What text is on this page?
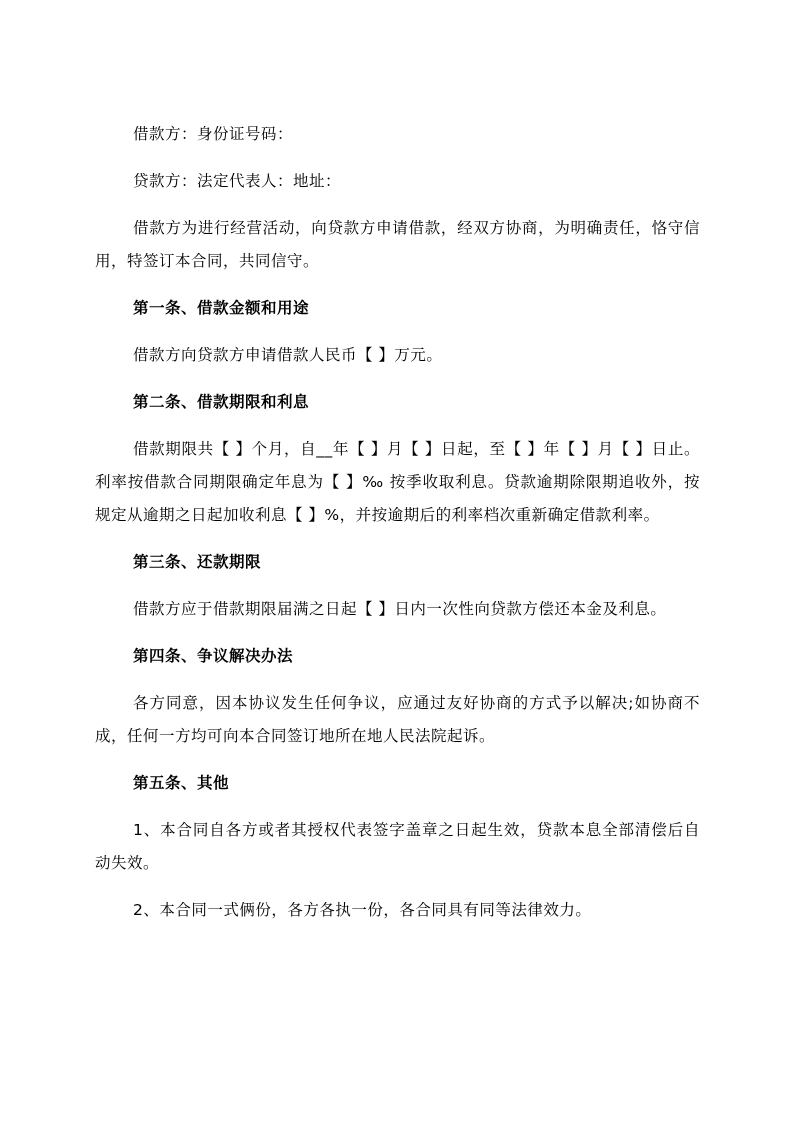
借款方：身份证号码：

贷款方：法定代表人：地址：

借款方为进行经营活动，向贷款方申请借款，经双方协商，为明确责任，恪守信用，特签订本合同，共同信守。

第一条、借款金额和用途

借款方向贷款方申请借款人民币【 】万元。

第二条、借款期限和利息

借款期限共【 】个月，自__年【 】月【 】日起，至【 】年【 】月【 】日止。利率按借款合同期限确定年息为【 】‰ 按季收取利息。贷款逾期除限期追收外，按规定从逾期之日起加收利息【 】%，并按逾期后的利率档次重新确定借款利率。

第三条、还款期限

借款方应于借款期限届满之日起【 】日内一次性向贷款方偿还本金及利息。

第四条、争议解决办法

各方同意，因本协议发生任何争议，应通过友好协商的方式予以解决;如协商不成，任何一方均可向本合同签订地所在地人民法院起诉。

第五条、其他

1、本合同自各方或者其授权代表签字盖章之日起生效，贷款本息全部清偿后自动失效。

2、本合同一式俩份，各方各执一份，各合同具有同等法律效力。
